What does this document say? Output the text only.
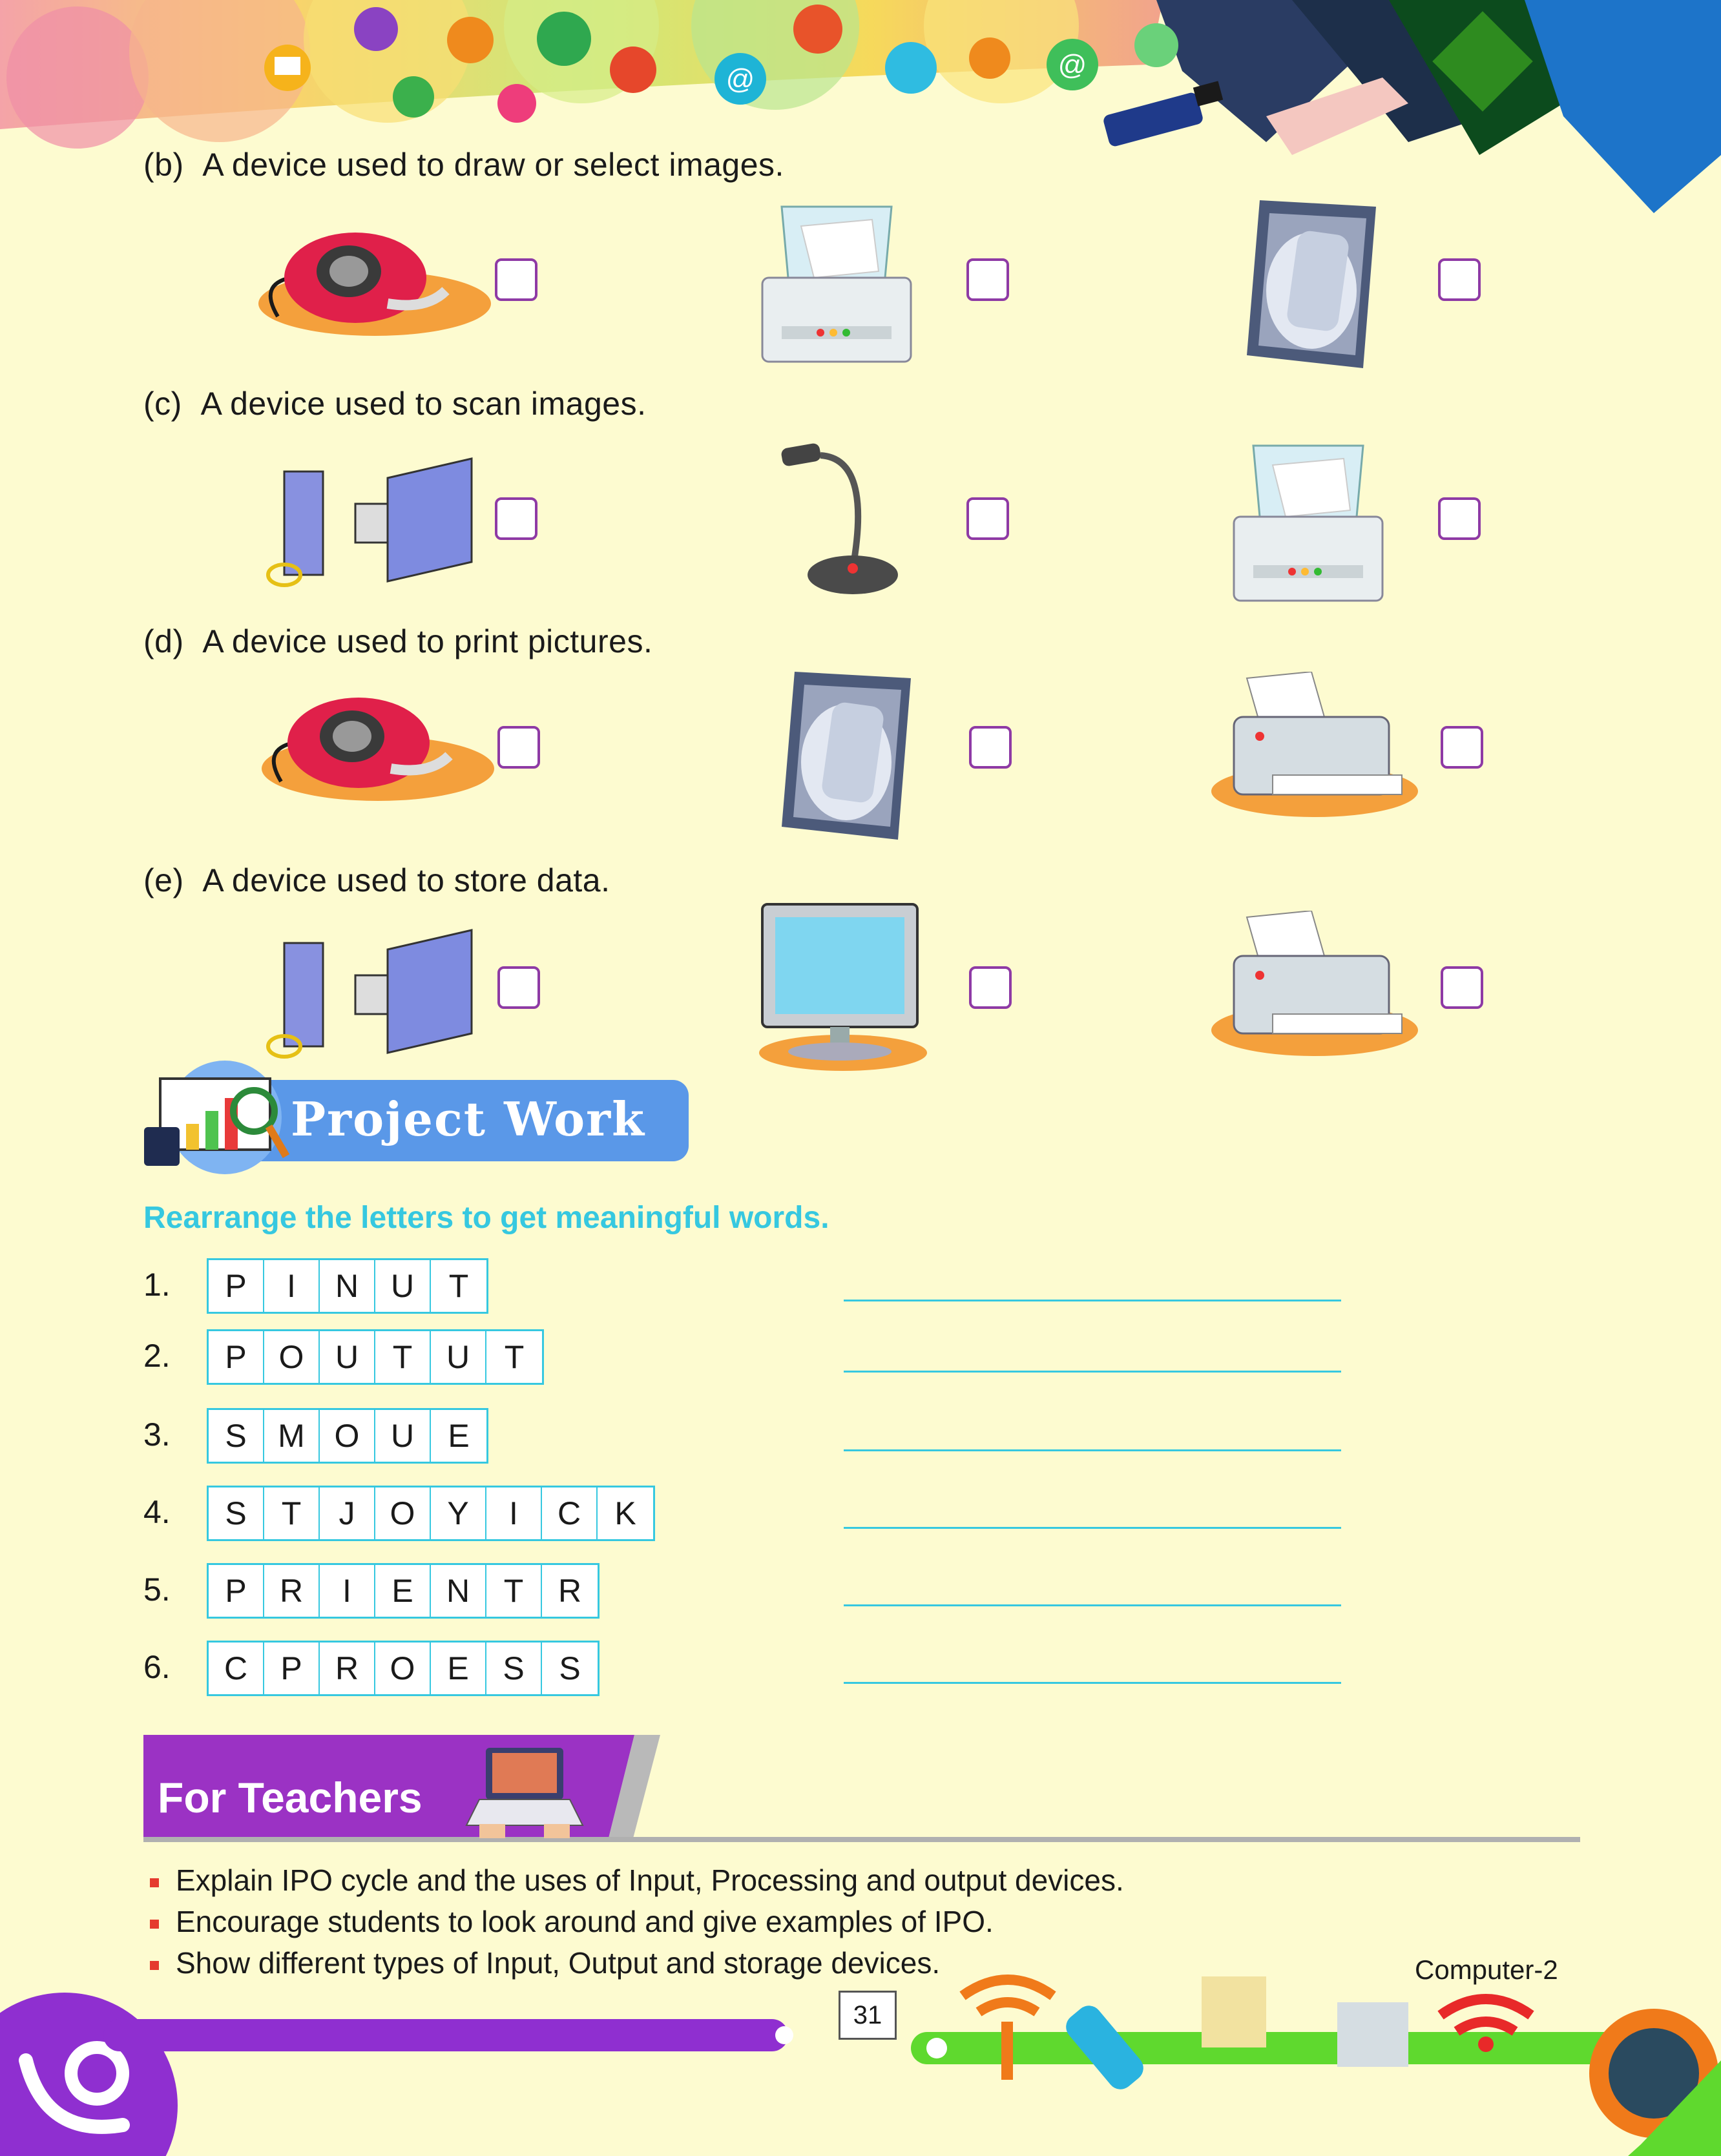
@	@
(b) A device used to draw or select images.
(c) A device used to scan images.
(d) A device used to print pictures.
(e) A device used to store data.
Project Work
Rearrange the letters to get meaningful words.
1.	P	I	N U	T
2.	P O U	T	U	T
3.	S M O U	E
4.	S	T	J	O Y	I	C	K
5.	P	R	I	E	N	T	R
6.	C	P	R O E	S	S
For Teachers
Explain IPO cycle and the uses of Input, Processing and output devices.
Encourage students to look around and give examples of IPO.
Show different types of Input, Output and storage devices.
31
Computer-2
